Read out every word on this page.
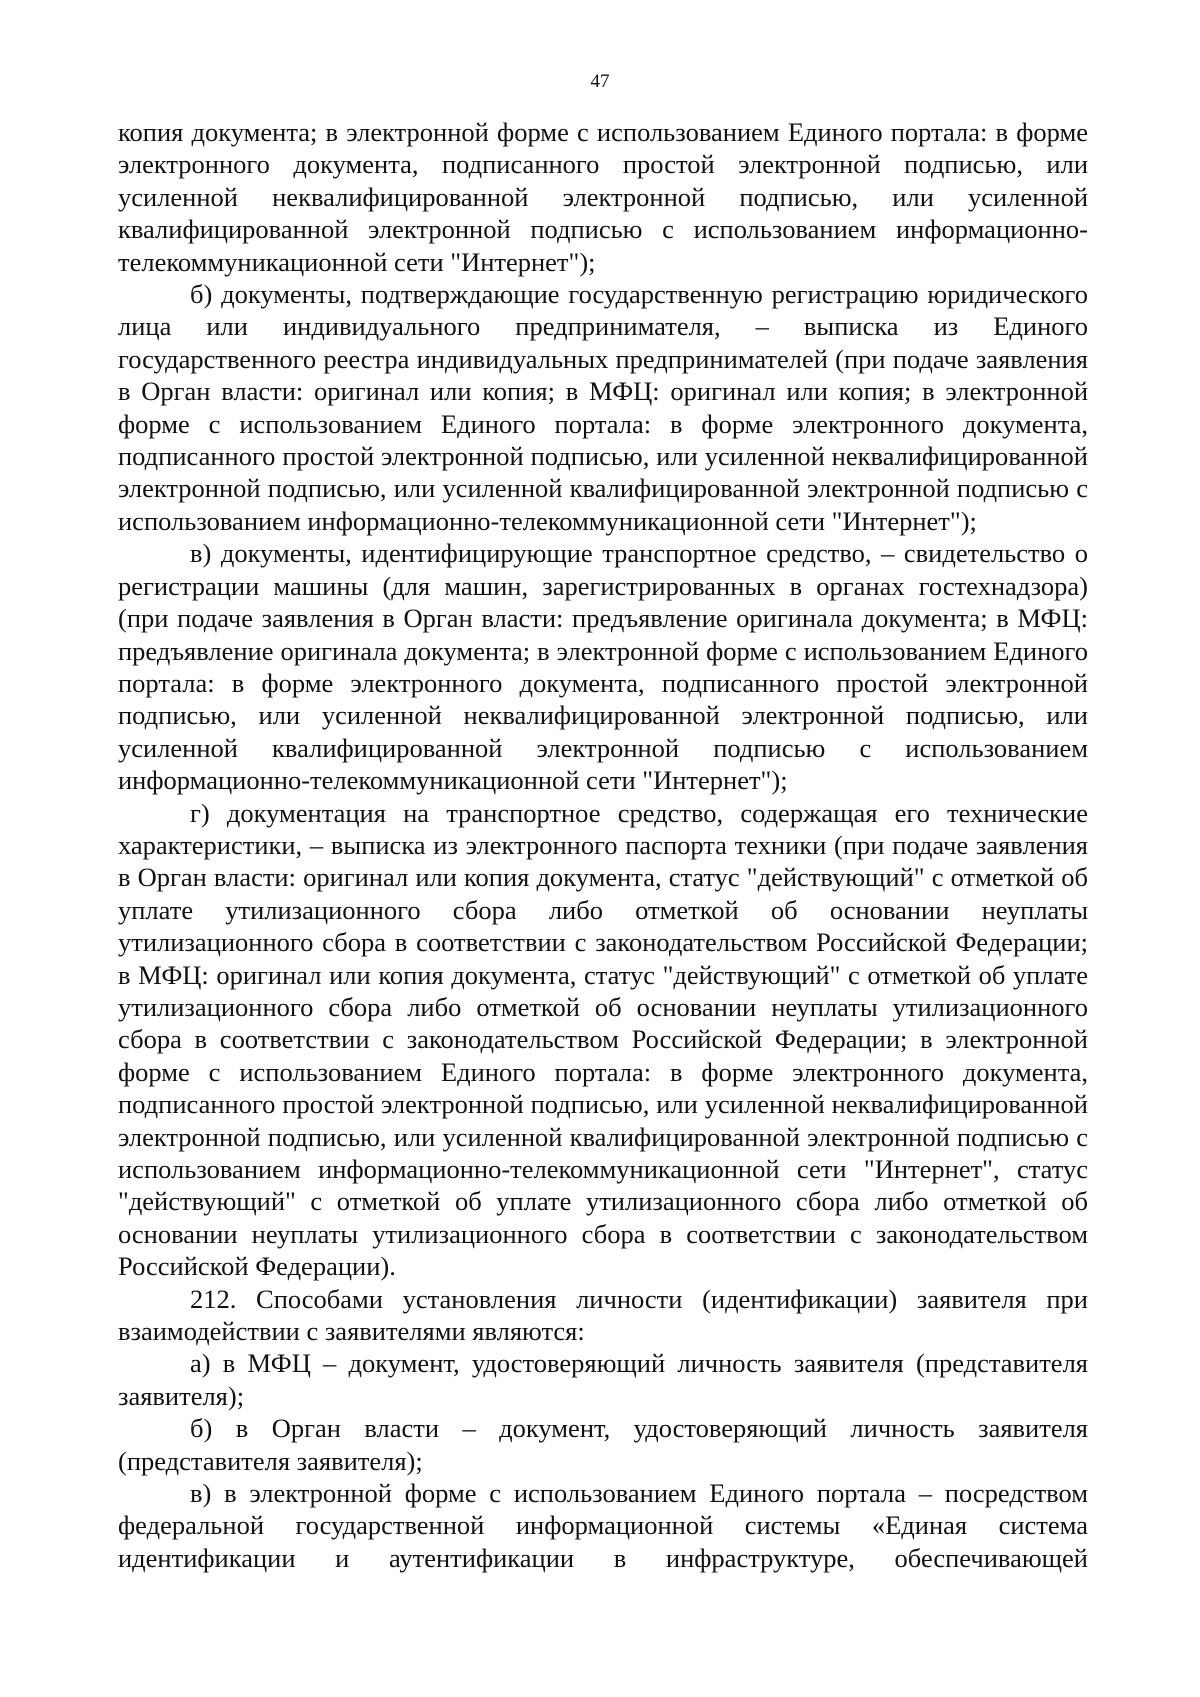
47

копия документа; в электронной форме с использованием Единого портала: в форме электронного документа, подписанного простой электронной подписью, или усиленной неквалифицированной электронной подписью, или усиленной квалифицированной электронной подписью с использованием информационно-телекоммуникационной сети "Интернет");

б) документы, подтверждающие государственную регистрацию юридического лица или индивидуального предпринимателя, – выписка из Единого государственного реестра индивидуальных предпринимателей (при подаче заявления в Орган власти: оригинал или копия; в МФЦ: оригинал или копия; в электронной форме с использованием Единого портала: в форме электронного документа, подписанного простой электронной подписью, или усиленной неквалифицированной электронной подписью, или усиленной квалифицированной электронной подписью с использованием информационно-телекоммуникационной сети "Интернет");

в) документы, идентифицирующие транспортное средство, – свидетельство о регистрации машины (для машин, зарегистрированных в органах гостехнадзора) (при подаче заявления в Орган власти: предъявление оригинала документа; в МФЦ: предъявление оригинала документа; в электронной форме с использованием Единого портала: в форме электронного документа, подписанного простой электронной подписью, или усиленной неквалифицированной электронной подписью, или усиленной квалифицированной электронной подписью с использованием информационно-телекоммуникационной сети "Интернет");

г) документация на транспортное средство, содержащая его технические характеристики, – выписка из электронного паспорта техники (при подаче заявления в Орган власти: оригинал или копия документа, статус "действующий" с отметкой об уплате утилизационного сбора либо отметкой об основании неуплаты утилизационного сбора в соответствии с законодательством Российской Федерации; в МФЦ: оригинал или копия документа, статус "действующий" с отметкой об уплате утилизационного сбора либо отметкой об основании неуплаты утилизационного сбора в соответствии с законодательством Российской Федерации; в электронной форме с использованием Единого портала: в форме электронного документа, подписанного простой электронной подписью, или усиленной неквалифицированной электронной подписью, или усиленной квалифицированной электронной подписью с использованием информационно-телекоммуникационной сети "Интернет", статус "действующий" с отметкой об уплате утилизационного сбора либо отметкой об основании неуплаты утилизационного сбора в соответствии с законодательством Российской Федерации).

212. Способами установления личности (идентификации) заявителя при взаимодействии с заявителями являются:

а) в МФЦ – документ, удостоверяющий личность заявителя (представителя заявителя);

б) в Орган власти – документ, удостоверяющий личность заявителя (представителя заявителя);

в) в электронной форме с использованием Единого портала – посредством федеральной государственной информационной системы «Единая система идентификации и аутентификации в инфраструктуре, обеспечивающей
